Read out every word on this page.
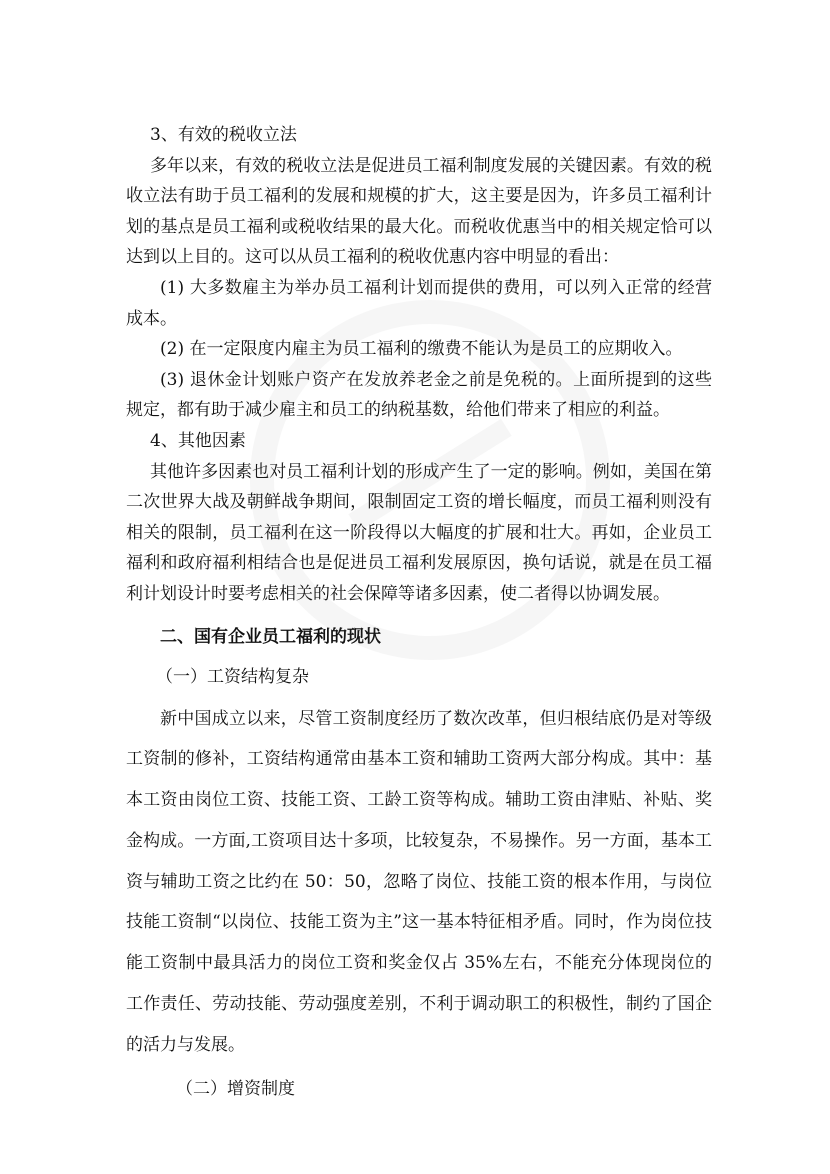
3、有效的税收立法

多年以来，有效的税收立法是促进员工福利制度发展的关键因素。有效的税收立法有助于员工福利的发展和规模的扩大，这主要是因为，许多员工福利计划的基点是员工福利或税收结果的最大化。而税收优惠当中的相关规定恰可以达到以上目的。这可以从员工福利的税收优惠内容中明显的看出：

(1) 大多数雇主为举办员工福利计划而提供的费用，可以列入正常的经营成本。

(2) 在一定限度内雇主为员工福利的缴费不能认为是员工的应期收入。

(3) 退休金计划账户资产在发放养老金之前是免税的。上面所提到的这些规定，都有助于减少雇主和员工的纳税基数，给他们带来了相应的利益。

4、其他因素

其他许多因素也对员工福利计划的形成产生了一定的影响。例如，美国在第二次世界大战及朝鲜战争期间，限制固定工资的增长幅度，而员工福利则没有相关的限制，员工福利在这一阶段得以大幅度的扩展和壮大。再如，企业员工福利和政府福利相结合也是促进员工福利发展原因，换句话说，就是在员工福利计划设计时要考虑相关的社会保障等诸多因素，使二者得以协调发展。

二、国有企业员工福利的现状

（一）工资结构复杂

新中国成立以来，尽管工资制度经历了数次改革，但归根结底仍是对等级工资制的修补，工资结构通常由基本工资和辅助工资两大部分构成。其中：基本工资由岗位工资、技能工资、工龄工资等构成。辅助工资由津贴、补贴、奖金构成。一方面,工资项目达十多项，比较复杂，不易操作。另一方面，基本工资与辅助工资之比约在 50：50，忽略了岗位、技能工资的根本作用，与岗位技能工资制“以岗位、技能工资为主”这一基本特征相矛盾。同时，作为岗位技能工资制中最具活力的岗位工资和奖金仅占 35%左右，不能充分体现岗位的工作责任、劳动技能、劳动强度差别，不利于调动职工的积极性，制约了国企的活力与发展。

（二）增资制度
